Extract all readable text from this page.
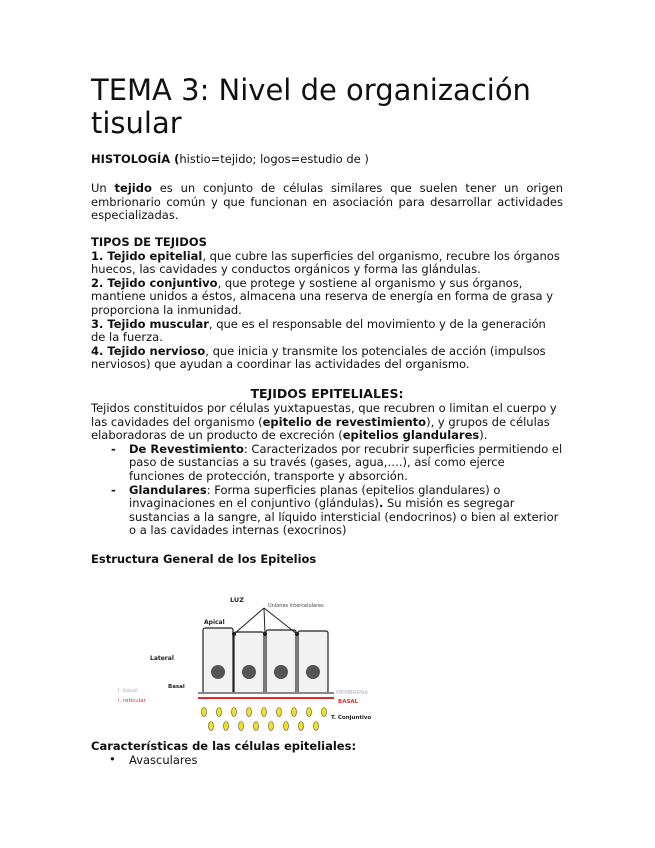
TEMA 3: Nivel de organización tisular

HISTOLOGÍA (histio=tejido; logos=estudio de )

Un tejido es un conjunto de células similares que suelen tener un origen embrionario común y que funcionan en asociación para desarrollar actividades especializadas.

TIPOS DE TEJIDOS

1. Tejido epitelial, que cubre las superficies del organismo, recubre los órganos huecos, las cavidades y conductos orgánicos y forma las glándulas.

2. Tejido conjuntivo, que protege y sostiene al organismo y sus órganos, mantiene unidos a éstos, almacena una reserva de energía en forma de grasa y proporciona la inmunidad.

3. Tejido muscular, que es el responsable del movimiento y de la generación de la fuerza.

4. Tejido nervioso, que inicia y transmite los potenciales de acción (impulsos nerviosos) que ayudan a coordinar las actividades del organismo.

TEJIDOS EPITELIALES:

Tejidos constituidos por células yuxtapuestas, que recubren o limitan el cuerpo y las cavidades del organismo (epitelio de revestimiento), y grupos de células elaboradoras de un producto de excreción (epitelios glandulares).

- De Revestimiento: Caracterizados por recubrir superficies permitiendo el paso de sustancias a su través (gases, agua,….), así como ejerce funciones de protección, transporte y absorción.
- Glandulares: Forma superficies planas (epitelios glandulares) o invaginaciones en el conjuntivo (glándulas). Su misión es segregar sustancias a la sangre, al líquido intersticial (endocrinos) o bien al exterior o a las cavidades internas (exocrinos)

Estructura General de los Epitelios

LUZ
Uniones intercelulares
Apical
Lateral
Basal
l. basal
l. reticular
MEMBRANA
BASAL
T. Conjuntivo

Características de las células epiteliales:

• Avasculares
